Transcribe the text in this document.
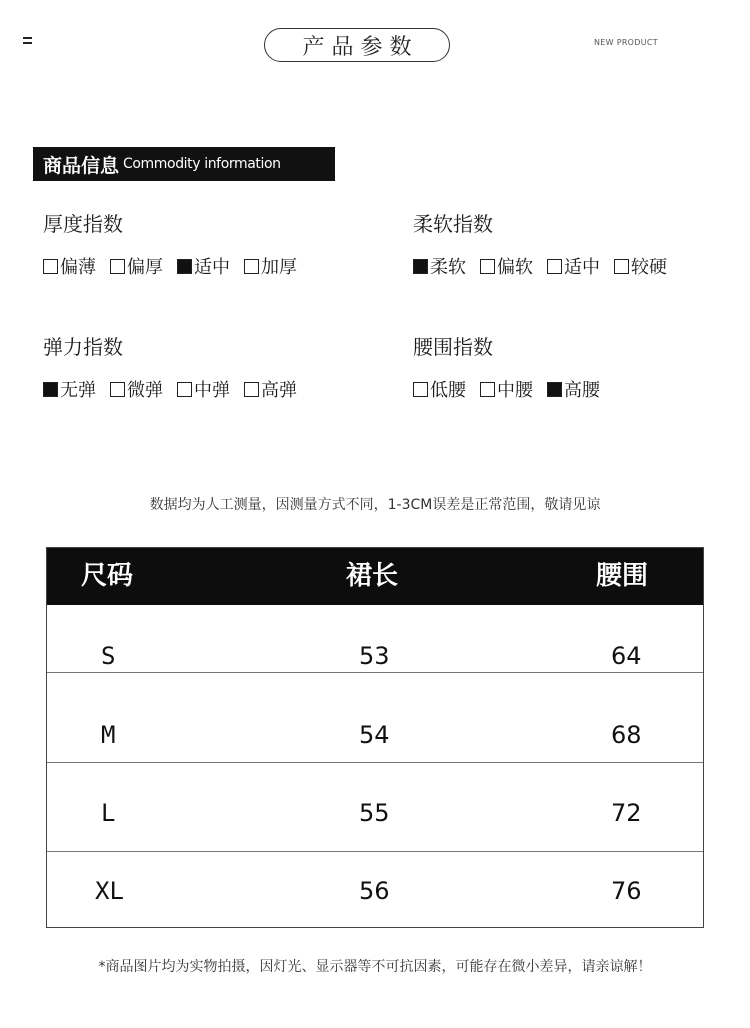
产品参数	NEW PRODUCT
商品信息 Commodity information
厚度指数
偏薄 偏厚 适中 加厚
柔软指数
柔软 偏软 适中 较硬
弹力指数
无弹 微弹 中弹 高弹
腰围指数
低腰 中腰 高腰
数据均为人工测量，因测量方式不同，1-3CM误差是正常范围，敬请见谅
尺码	裙长	腰围
S	53	64
M	54	68
L	55	72
XL	56	76
*商品图片均为实物拍摄，因灯光、显示器等不可抗因素，可能存在微小差异，请亲谅解！
